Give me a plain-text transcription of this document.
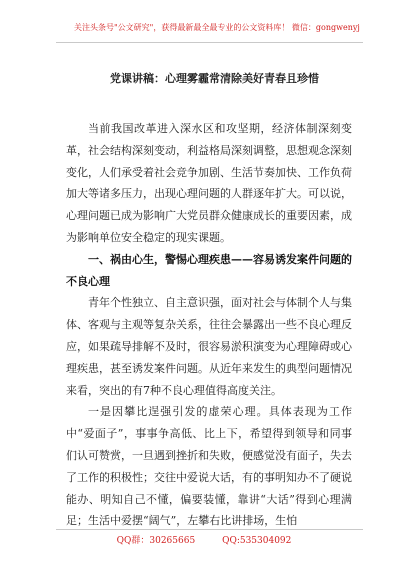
关注头条号"公文研究"，获得最新最全最专业的公文资料库！ 微信：gongwenyj
党课讲稿：心理雾霾常清除美好青春且珍惜

当前我国改革进入深水区和攻坚期，经济体制深刻变革，社会结构深刻变动，利益格局深刻调整，思想观念深刻变化，人们承受着社会竞争加剧、生活节奏加快、工作负荷加大等诸多压力，出现心理问题的人群逐年扩大。可以说，心理问题已成为影响广大党员群众健康成长的重要因素，成为影响单位安全稳定的现实课题。

一、祸由心生，警惕心理疾患——容易诱发案件问题的不良心理

青年个性独立、自主意识强，面对社会与体制个人与集体、客观与主观等复杂关系，往往会暴露出一些不良心理反应，如果疏导排解不及时，很容易淤积演变为心理障碍或心理疾患，甚至诱发案件问题。从近年来发生的典型问题情况来看，突出的有7种不良心理值得高度关注。

一是因攀比逞强引发的虚荣心理。具体表现为工作中“爱面子”，事事争高低、比上下，希望得到领导和同事们认可赞赏，一旦遇到挫折和失败，便感觉没有面子，失去了工作的积极性；交往中爱说大话，有的事明知办不了硬说能办、明知自己不懂，偏要装懂，靠讲“大话”得到心理满足；生活中爱摆“阔气”，左攀右比讲排场，生怕

QQ群：30265665	QQ:535304092
